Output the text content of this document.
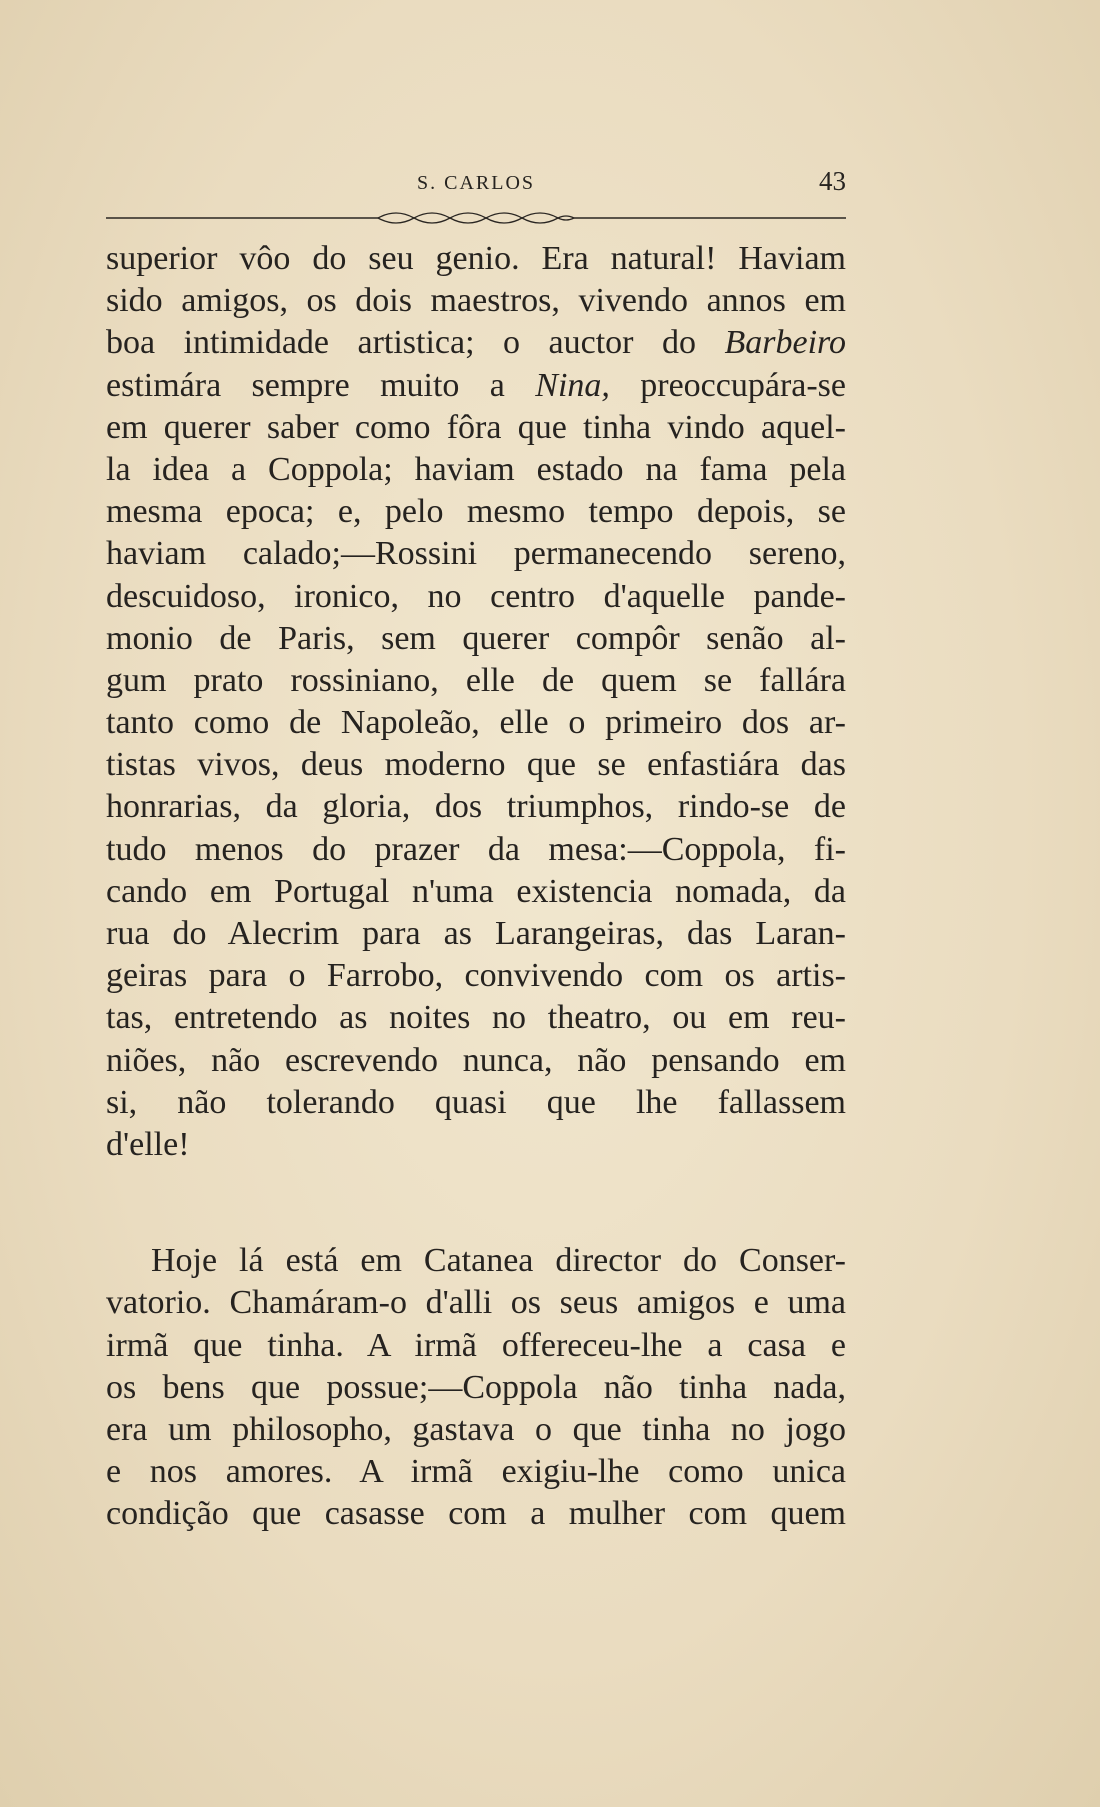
S. CARLOS	43
superior vôo do seu genio. Era natural! Haviam
sido amigos, os dois maestros, vivendo annos em
boa intimidade artistica; o auctor do Barbeiro
estimára sempre muito a Nina, preoccupára-se
em querer saber como fôra que tinha vindo aquel-
la idea a Coppola; haviam estado na fama pela
mesma epoca; e, pelo mesmo tempo depois, se
haviam calado;—Rossini permanecendo sereno,
descuidoso, ironico, no centro d'aquelle pande-
monio de Paris, sem querer compôr senão al-
gum prato rossiniano, elle de quem se fallára
tanto como de Napoleão, elle o primeiro dos ar-
tistas vivos, deus moderno que se enfastiára das
honrarias, da gloria, dos triumphos, rindo-se de
tudo menos do prazer da mesa:—Coppola, fi-
cando em Portugal n'uma existencia nomada, da
rua do Alecrim para as Larangeiras, das Laran-
geiras para o Farrobo, convivendo com os artis-
tas, entretendo as noites no theatro, ou em reu-
niões, não escrevendo nunca, não pensando em
si, não tolerando quasi que lhe fallassem
d'elle!
Hoje lá está em Catanea director do Conser-
vatorio. Chamáram-o d'alli os seus amigos e uma
irmã que tinha. A irmã offereceu-lhe a casa e
os bens que possue;—Coppola não tinha nada,
era um philosopho, gastava o que tinha no jogo
e nos amores. A irmã exigiu-lhe como unica
condição que casasse com a mulher com quem
